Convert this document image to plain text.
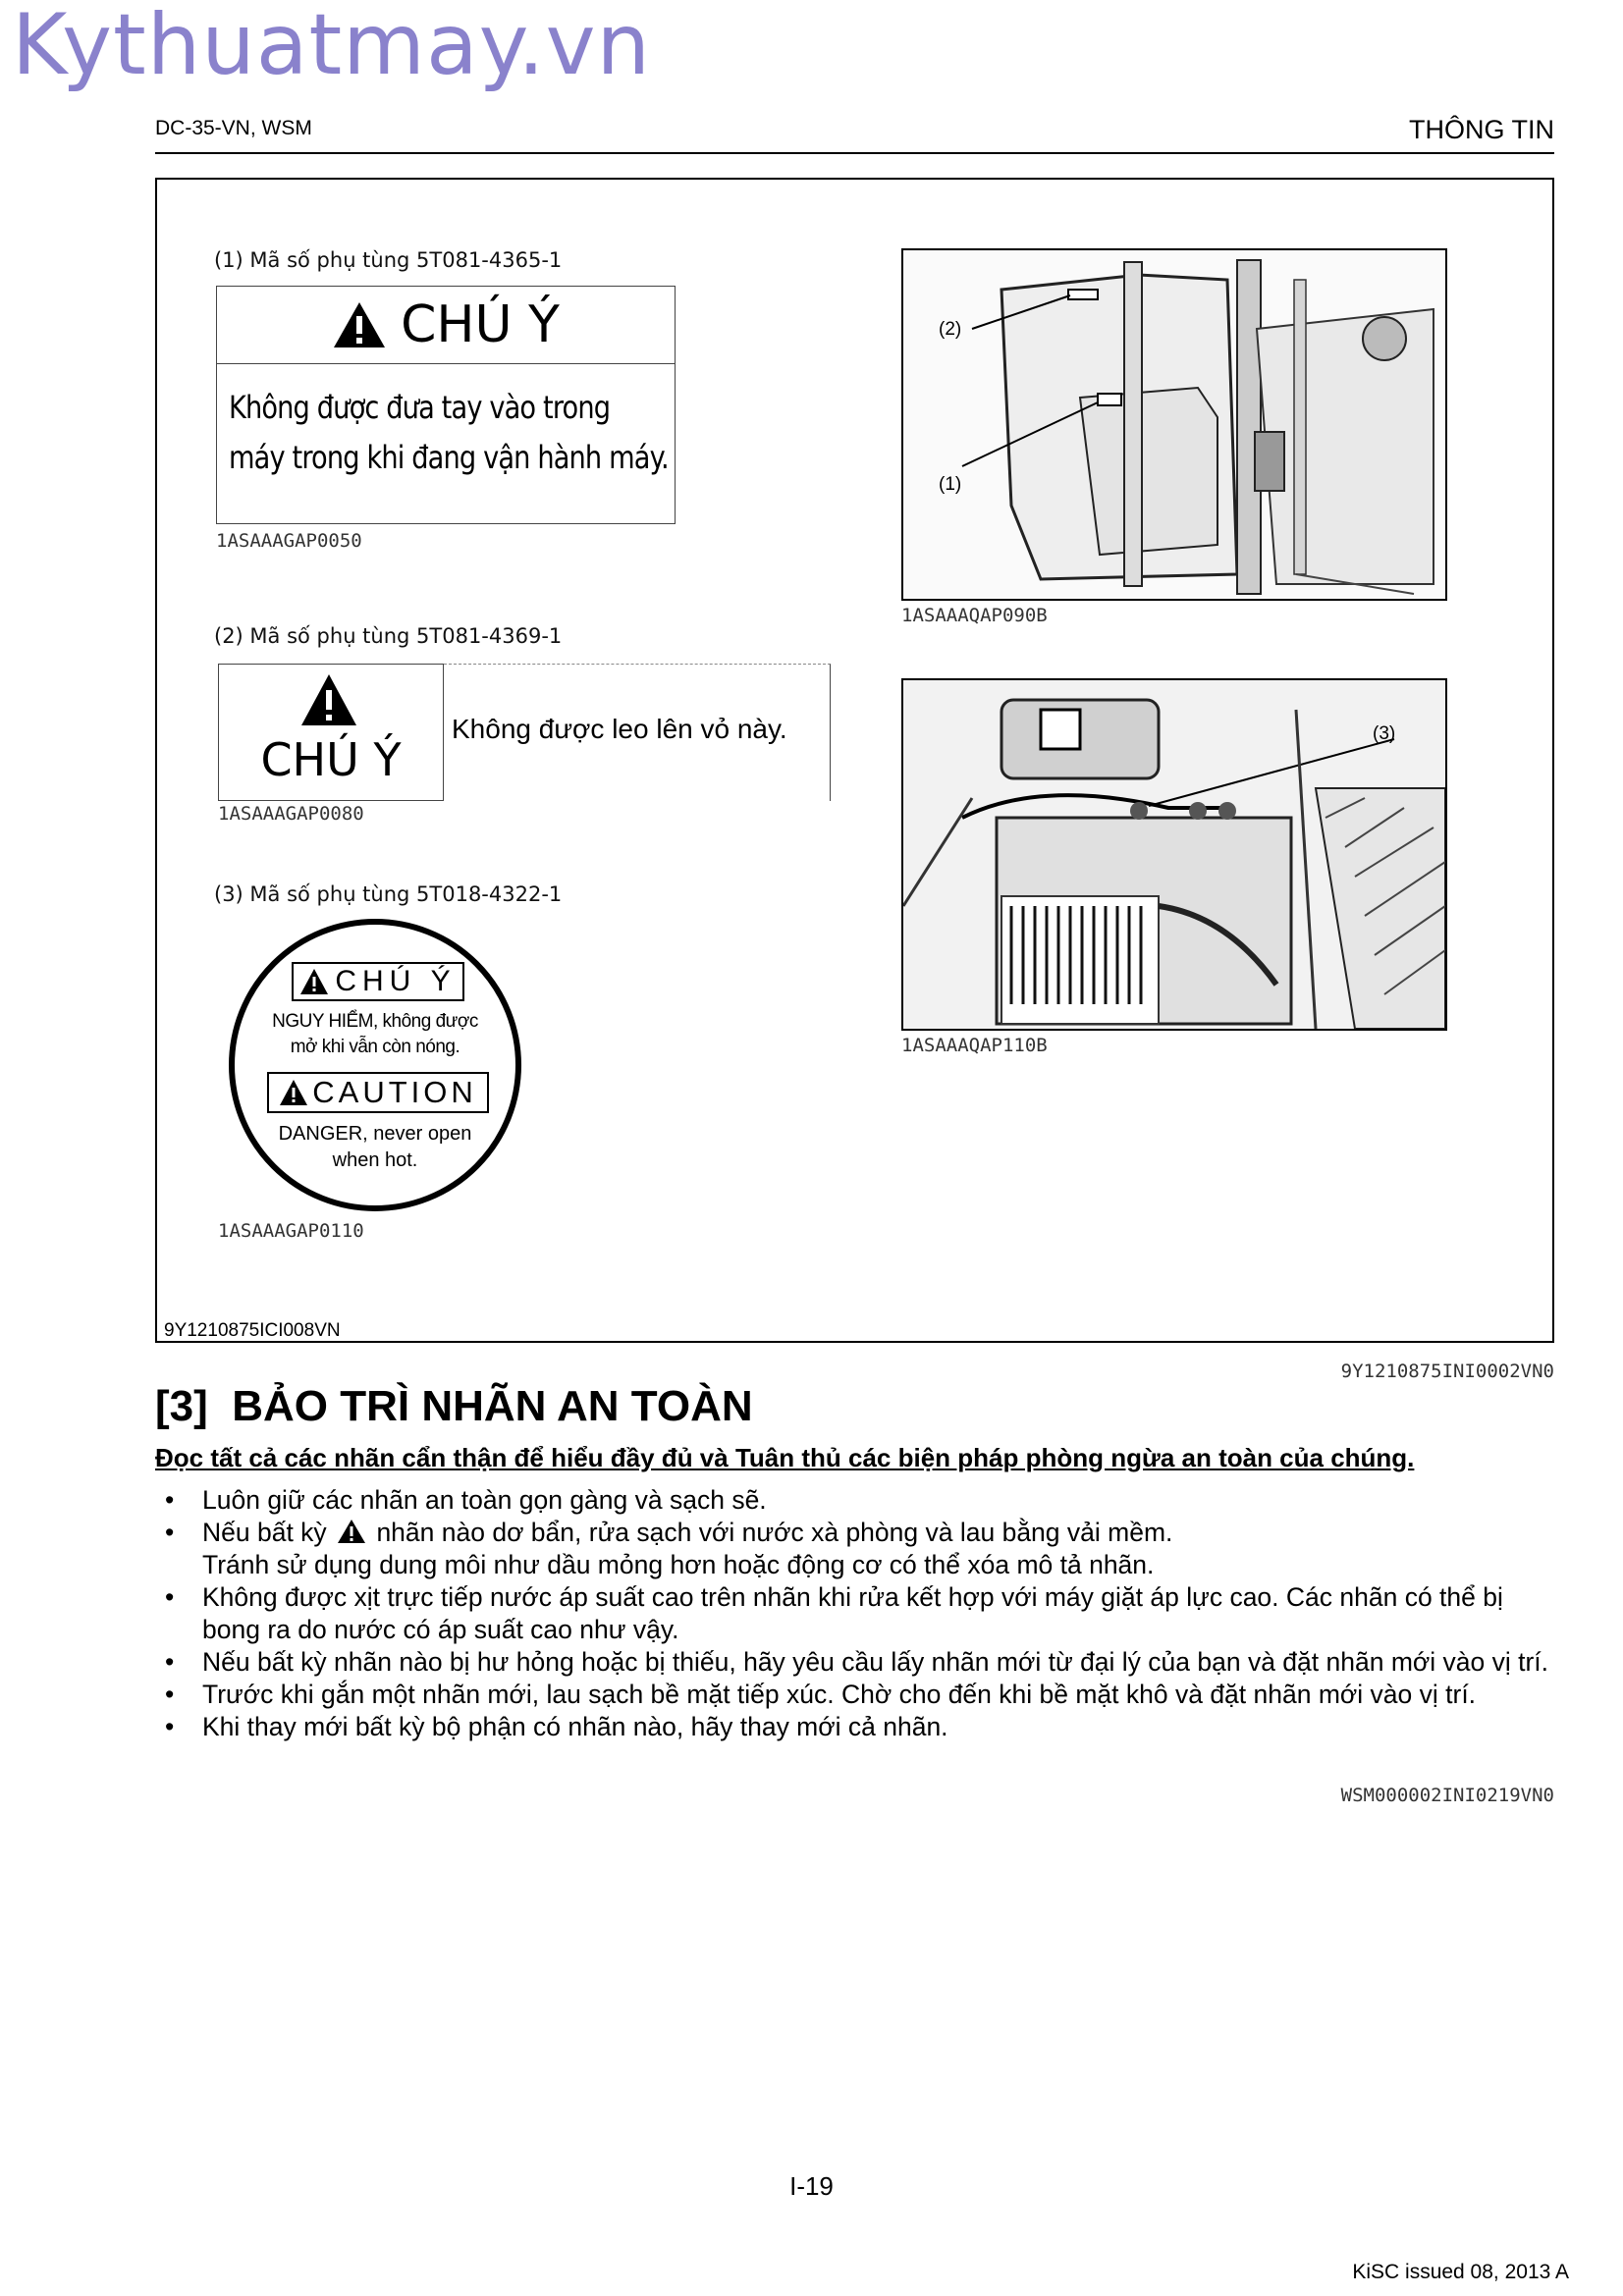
Kythuatmay.vn
DC-35-VN, WSM	THÔNG TIN
(1) Mã số phụ tùng 5T081-4365-1
CHÚ Ý
Không được đưa tay vào trong
máy trong khi đang vận hành máy.
1ASAAAGAP0050
(2) Mã số phụ tùng 5T081-4369-1
CHÚ Ý
Không được leo lên vỏ này.
1ASAAAGAP0080
(3) Mã số phụ tùng 5T018-4322-1
CHÚ Ý
NGUY HIỂM, không được
mở khi vẫn còn nóng.
CAUTION
DANGER, never open
when hot.
1ASAAAGAP0110
(2)
(1)
1ASAAAQAP090B
(3)
1ASAAAQAP110B
9Y1210875ICI008VN
9Y1210875INI0002VN0
[3] BẢO TRÌ NHÃN AN TOÀN
Đọc tất cả các nhãn cẩn thận để hiểu đầy đủ và Tuân thủ các biện pháp phòng ngừa an toàn của chúng.
• Luôn giữ các nhãn an toàn gọn gàng và sạch sẽ.
• Nếu bất kỳ nhãn nào dơ bẩn, rửa sạch với nước xà phòng và lau bằng vải mềm.
Tránh sử dụng dung môi như dầu mỏng hơn hoặc động cơ có thể xóa mô tả nhãn.
• Không được xịt trực tiếp nước áp suất cao trên nhãn khi rửa kết hợp với máy giặt áp lực cao. Các nhãn có thể bị bong ra do nước có áp suất cao như vậy.
• Nếu bất kỳ nhãn nào bị hư hỏng hoặc bị thiếu, hãy yêu cầu lấy nhãn mới từ đại lý của bạn và đặt nhãn mới vào vị trí.
• Trước khi gắn một nhãn mới, lau sạch bề mặt tiếp xúc. Chờ cho đến khi bề mặt khô và đặt nhãn mới vào vị trí.
• Khi thay mới bất kỳ bộ phận có nhãn nào, hãy thay mới cả nhãn.
WSM000002INI0219VN0
I-19
KiSC issued 08, 2013 A
